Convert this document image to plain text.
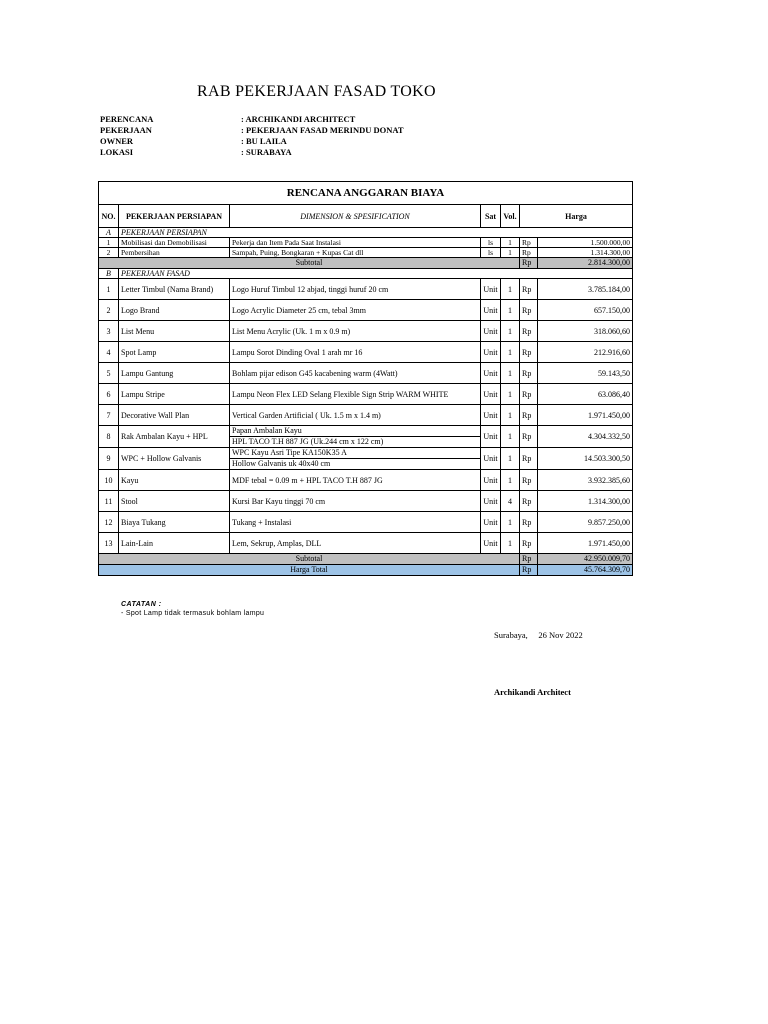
RAB PEKERJAAN FASAD TOKO
PERENCANA	: ARCHIKANDI ARCHITECT
PEKERJAAN	: PEKERJAAN FASAD MERINDU DONAT
OWNER	: BU LAILA
LOKASI	: SURABAYA
RENCANA ANGGARAN BIAYA						
NO.	PEKERJAAN PERSIAPAN	DIMENSION & SPESIFICATION	Sat	Vol.	Harga	
A	PEKERJAAN PERSIAPAN					
1	Mobilisasi dan Demobilisasi	Pekerja dan Item Pada Saat Instalasi	ls	1	Rp	1.500.000,00
2	Pembersihan	Sampah, Puing, Bongkaran + Kupas Cat dll	ls	1	Rp	1.314.300,00
Subtotal					Rp	2.814.300,00
B	PEKERJAAN FASAD					
1	Letter Timbul (Nama Brand)	Logo Huruf Timbul 12 abjad, tinggi huruf 20 cm	Unit	1	Rp	3.785.184,00
2	Logo Brand	Logo Acrylic Diameter 25 cm, tebal 3mm	Unit	1	Rp	657.150,00
3	List Menu	List Menu Acrylic (Uk. 1 m x 0.9 m)	Unit	1	Rp	318.060,60
4	Spot Lamp	Lampu Sorot Dinding Oval 1 arah mr 16	Unit	1	Rp	212.916,60
5	Lampu Gantung	Bohlam pijar edison G45 kacabening warm (4Watt)	Unit	1	Rp	59.143,50
6	Lampu Stripe	Lampu Neon Flex LED Selang Flexible Sign Strip WARM WHITE	Unit	1	Rp	63.086,40
7	Decorative Wall Plan	Vertical Garden Artificial ( Uk. 1.5 m x 1.4 m)	Unit	1	Rp	1.971.450,00
8	Rak Ambalan Kayu + HPL	Papan Ambalan Kayu	Unit	1	Rp	4.304.332,50
		HPL TACO T.H 887 JG (Uk.244 cm x 122 cm)				
9	WPC + Hollow Galvanis	WPC Kayu Asri Tipe KA150K35 A	Unit	1	Rp	14.503.300,50
		Hollow Galvanis uk 40x40 cm				
10	Kayu	MDF tebal = 0.09 m + HPL TACO T.H 887 JG	Unit	1	Rp	3.932.385,60
11	Stool	Kursi Bar Kayu tinggi 70 cm	Unit	4	Rp	1.314.300,00
12	Biaya Tukang	Tukang + Instalasi	Unit	1	Rp	9.857.250,00
13	Lain-Lain	Lem, Sekrup, Amplas, DLL	Unit	1	Rp	1.971.450,00
Subtotal					Rp	42.950.009,70
Harga Total					Rp	45.764.309,70
CATATAN :
- Spot Lamp tidak termasuk bohlam lampu
Surabaya,     26 Nov 2022
Archikandi Architect
